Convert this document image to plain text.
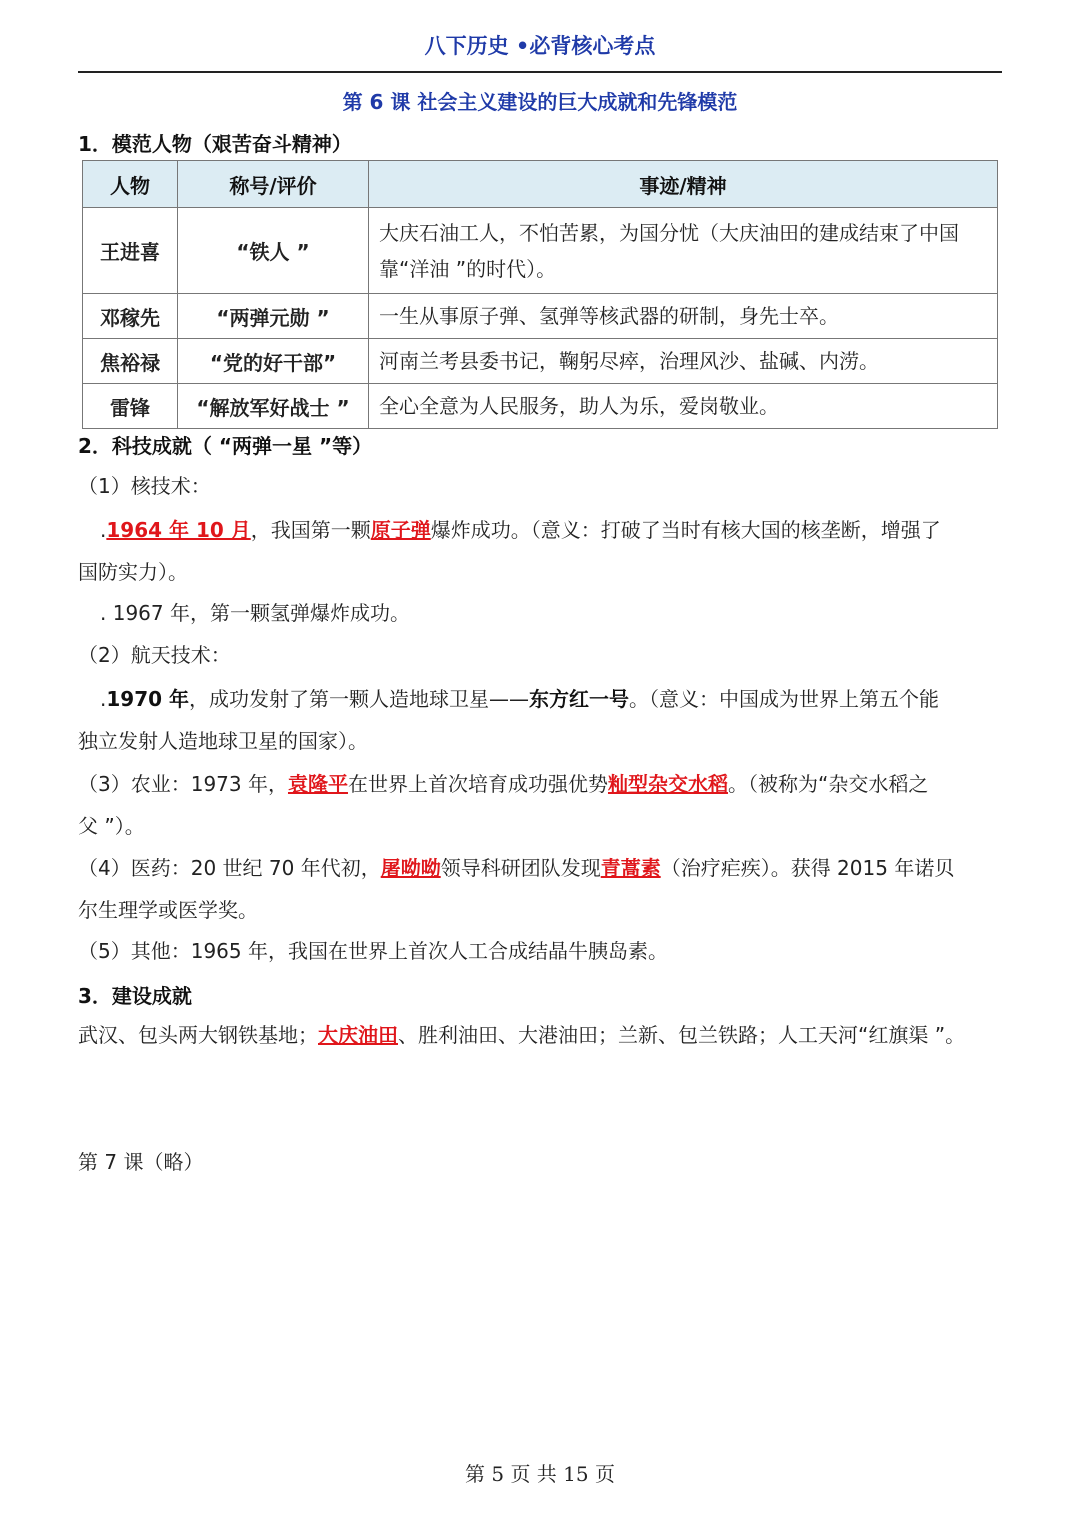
八下历史 •必背核心考点
第 6 课 社会主义建设的巨大成就和先锋模范
1．模范人物（艰苦奋斗精神）
人物	称号/评价	事迹/精神
王进喜	“铁人 ”	大庆石油工人，不怕苦累，为国分忧（大庆油田的建成结束了中国靠“洋油 ”的时代）。
邓稼先	“两弹元勋 ”	一生从事原子弹、氢弹等核武器的研制，身先士卒。
焦裕禄	“党的好干部”	河南兰考县委书记，鞠躬尽瘁，治理风沙、盐碱、内涝。
雷锋	“解放军好战士 ”	全心全意为人民服务，助人为乐，爱岗敬业。
2．科技成就（ “两弹一星 ”等）
（1）核技术：
.1964 年 10 月，我国第一颗原子弹爆炸成功。（意义：打破了当时有核大国的核垄断，增强了
国防实力）。
. 1967 年，第一颗氢弹爆炸成功。
（2）航天技术：
.1970 年，成功发射了第一颗人造地球卫星——东方红一号。（意义：中国成为世界上第五个能
独立发射人造地球卫星的国家）。
（3）农业：1973 年，袁隆平在世界上首次培育成功强优势籼型杂交水稻。（被称为“杂交水稻之
父 ”）。
（4）医药：20 世纪 70 年代初，屠呦呦领导科研团队发现青蒿素（治疗疟疾）。获得 2015 年诺贝
尔生理学或医学奖。
（5）其他：1965 年，我国在世界上首次人工合成结晶牛胰岛素。
3．建设成就
武汉、包头两大钢铁基地；大庆油田、胜利油田、大港油田；兰新、包兰铁路；人工天河“红旗渠 ”。
第 7 课（略）
第 5 页 共 15 页
